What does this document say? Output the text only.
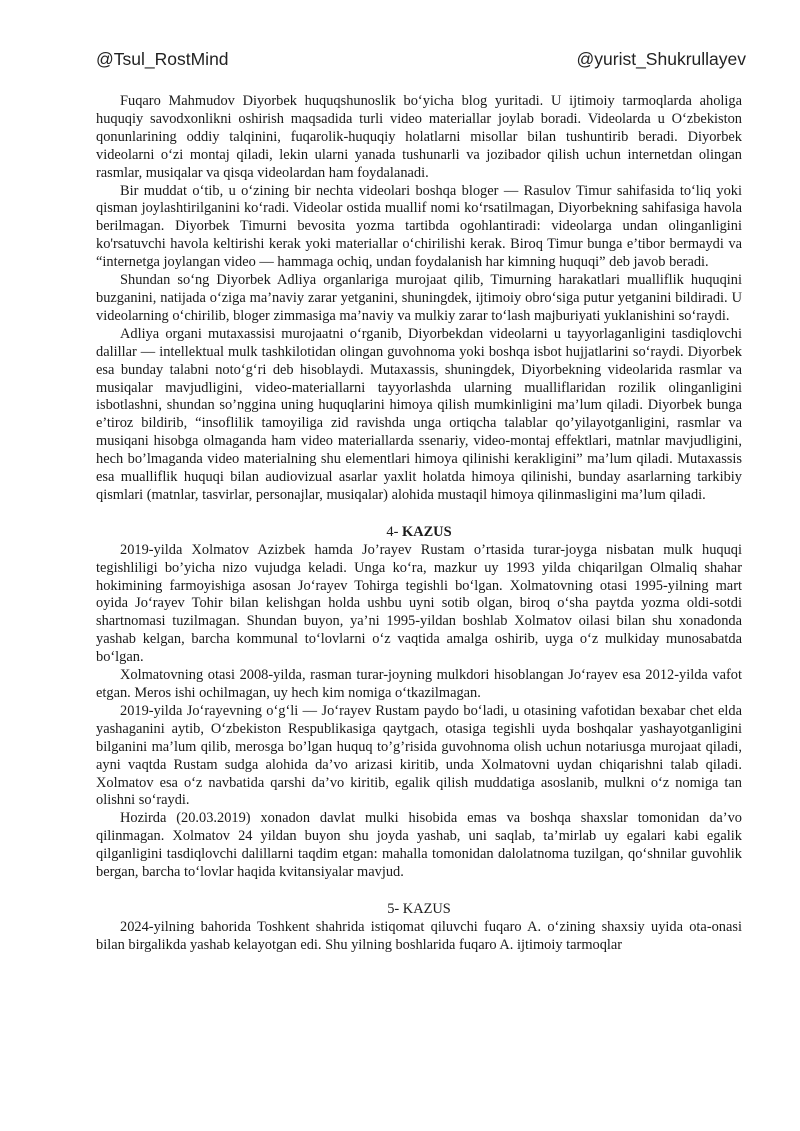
@Tsul_RostMind	@yurist_Shukrullayev

Fuqaro Mahmudov Diyorbek huquqshunoslik bo‘yicha blog yuritadi. U ijtimoiy tarmoqlarda aholiga huquqiy savodxonlikni oshirish maqsadida turli video materiallar joylab boradi. Videolarda u O‘zbekiston qonunlarining oddiy talqinini, fuqarolik-huquqiy holatlarni misollar bilan tushuntirib beradi. Diyorbek videolarni o‘zi montaj qiladi, lekin ularni yanada tushunarli va jozibador qilish uchun internetdan olingan rasmlar, musiqalar va qisqa videolardan ham foydalanadi.

Bir muddat o‘tib, u o‘zining bir nechta videolari boshqa bloger — Rasulov Timur sahifasida to‘liq yoki qisman joylashtirilganini ko‘radi. Videolar ostida muallif nomi ko‘rsatilmagan, Diyorbekning sahifasiga havola berilmagan. Diyorbek Timurni bevosita yozma tartibda ogohlantiradi: videolarga undan olinganligini ko'rsatuvchi havola keltirishi kerak yoki materiallar o‘chirilishi kerak. Biroq Timur bunga e’tibor bermaydi va “internetga joylangan video — hammaga ochiq, undan foydalanish har kimning huquqi” deb javob beradi.

Shundan so‘ng Diyorbek Adliya organlariga murojaat qilib, Timurning harakatlari mualliflik huquqini buzganini, natijada o‘ziga ma’naviy zarar yetganini, shuningdek, ijtimoiy obro‘siga putur yetganini bildiradi. U videolarning o‘chirilib, bloger zimmasiga ma’naviy va mulkiy zarar to‘lash majburiyati yuklanishini so‘raydi.

Adliya organi mutaxassisi murojaatni o‘rganib, Diyorbekdan videolarni u tayyorlaganligini tasdiqlovchi dalillar — intellektual mulk tashkilotidan olingan guvohnoma yoki boshqa isbot hujjatlarini so‘raydi. Diyorbek esa bunday talabni noto‘g‘ri deb hisoblaydi. Mutaxassis, shuningdek, Diyorbekning videolarida rasmlar va musiqalar mavjudligini, video-materiallarni tayyorlashda ularning mualliflaridan rozilik olinganligini isbotlashni, shundan so’nggina uning huquqlarini himoya qilish mumkinligini ma’lum qiladi. Diyorbek bunga e’tiroz bildirib, “insoflilik tamoyiliga zid ravishda unga ortiqcha talablar qo’yilayotganligini, rasmlar va musiqani hisobga olmaganda ham video materiallarda ssenariy, video-montaj effektlari, matnlar mavjudligini, hech bo’lmaganda video materialning shu elementlari himoya qilinishi kerakligini” ma’lum qiladi. Mutaxassis esa mualliflik huquqi bilan audiovizual asarlar yaxlit holatda himoya qilinishi, bunday asarlarning tarkibiy qismlari (matnlar, tasvirlar, personajlar, musiqalar) alohida mustaqil himoya qilinmasligini ma’lum qiladi.

4- KAZUS

2019-yilda Xolmatov Azizbek hamda Jo’rayev Rustam o’rtasida turar-joyga nisbatan mulk huquqi tegishliligi bo’yicha nizo vujudga keladi. Unga ko‘ra, mazkur uy 1993 yilda chiqarilgan Olmaliq shahar hokimining farmoyishiga asosan Jo‘rayev Tohirga tegishli bo‘lgan. Xolmatovning otasi 1995-yilning mart oyida Jo‘rayev Tohir bilan kelishgan holda ushbu uyni sotib olgan, biroq o‘sha paytda yozma oldi-sotdi shartnomasi tuzilmagan. Shundan buyon, ya’ni 1995-yildan boshlab Xolmatov oilasi bilan shu xonadonda yashab kelgan, barcha kommunal to‘lovlarni o‘z vaqtida amalga oshirib, uyga o‘z mulkiday munosabatda bo‘lgan.

Xolmatovning otasi 2008-yilda, rasman turar-joyning mulkdori hisoblangan Jo‘rayev esa 2012-yilda vafot etgan. Meros ishi ochilmagan, uy hech kim nomiga o‘tkazilmagan.

2019-yilda Jo‘rayevning o‘g‘li — Jo‘rayev Rustam paydo bo‘ladi, u otasining vafotidan bexabar chet elda yashaganini aytib, O‘zbekiston Respublikasiga qaytgach, otasiga tegishli uyda boshqalar yashayotganligini bilganini ma’lum qilib, merosga bo’lgan huquq to’g’risida guvohnoma olish uchun notariusga murojaat qiladi, ayni vaqtda Rustam sudga alohida da’vo arizasi kiritib, unda Xolmatovni uydan chiqarishni talab qiladi. Xolmatov esa o‘z navbatida qarshi da’vo kiritib, egalik qilish muddatiga asoslanib, mulkni o‘z nomiga tan olishni so‘raydi.

Hozirda (20.03.2019) xonadon davlat mulki hisobida emas va boshqa shaxslar tomonidan da’vo qilinmagan. Xolmatov 24 yildan buyon shu joyda yashab, uni saqlab, ta’mirlab uy egalari kabi egalik qilganligini tasdiqlovchi dalillarni taqdim etgan: mahalla tomonidan dalolatnoma tuzilgan, qo‘shnilar guvohlik bergan, barcha to‘lovlar haqida kvitansiyalar mavjud.

5- KAZUS

2024-yilning bahorida Toshkent shahrida istiqomat qiluvchi fuqaro A. o‘zining shaxsiy uyida ota-onasi bilan birgalikda yashab kelayotgan edi. Shu yilning boshlarida fuqaro A. ijtimoiy tarmoqlar
